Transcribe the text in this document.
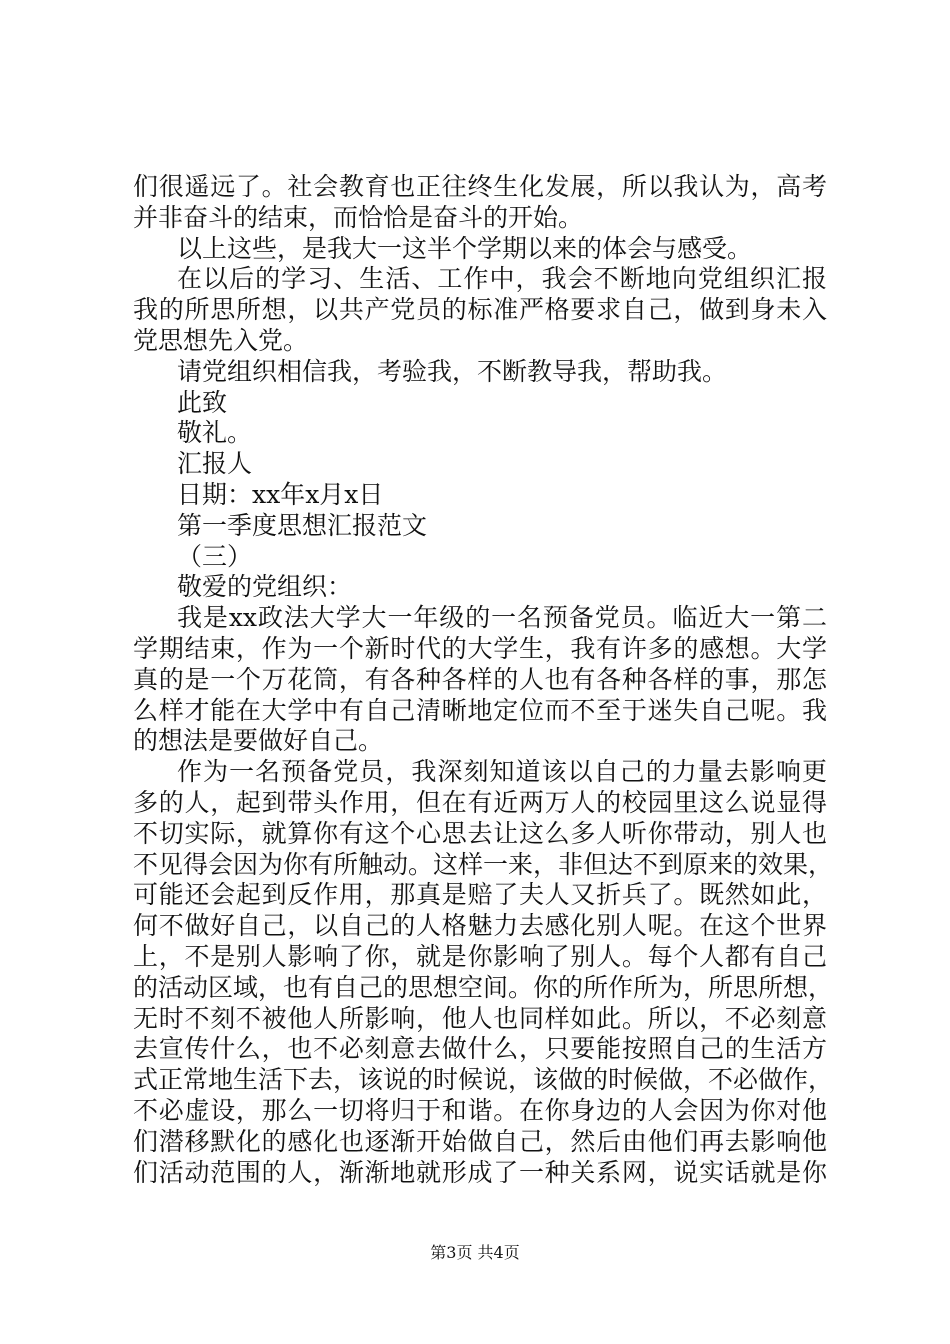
们很遥远了。社会教育也正往终生化发展，所以我认为，高考
并非奋斗的结束，而恰恰是奋斗的开始。
以上这些，是我大一这半个学期以来的体会与感受。
在以后的学习、生活、工作中，我会不断地向党组织汇报
我的所思所想，以共产党员的标准严格要求自己，做到身未入
党思想先入党。
请党组织相信我，考验我，不断教导我，帮助我。
此致
敬礼。
汇报人
日期：xx年x月x日
第一季度思想汇报范文
（三）
敬爱的党组织：
我是xx政法大学大一年级的一名预备党员。临近大一第二
学期结束，作为一个新时代的大学生，我有许多的感想。大学
真的是一个万花筒，有各种各样的人也有各种各样的事，那怎
么样才能在大学中有自己清晰地定位而不至于迷失自己呢。我
的想法是要做好自己。
作为一名预备党员，我深刻知道该以自己的力量去影响更
多的人，起到带头作用，但在有近两万人的校园里这么说显得
不切实际，就算你有这个心思去让这么多人听你带动，别人也
不见得会因为你有所触动。这样一来，非但达不到原来的效果，
可能还会起到反作用，那真是赔了夫人又折兵了。既然如此，
何不做好自己，以自己的人格魅力去感化别人呢。在这个世界
上，不是别人影响了你，就是你影响了别人。每个人都有自己
的活动区域，也有自己的思想空间。你的所作所为，所思所想，
无时不刻不被他人所影响，他人也同样如此。所以，不必刻意
去宣传什么，也不必刻意去做什么，只要能按照自己的生活方
式正常地生活下去，该说的时候说，该做的时候做，不必做作，
不必虚设，那么一切将归于和谐。在你身边的人会因为你对他
们潜移默化的感化也逐渐开始做自己，然后由他们再去影响他
们活动范围的人，渐渐地就形成了一种关系网，说实话就是你
第3页 共4页
